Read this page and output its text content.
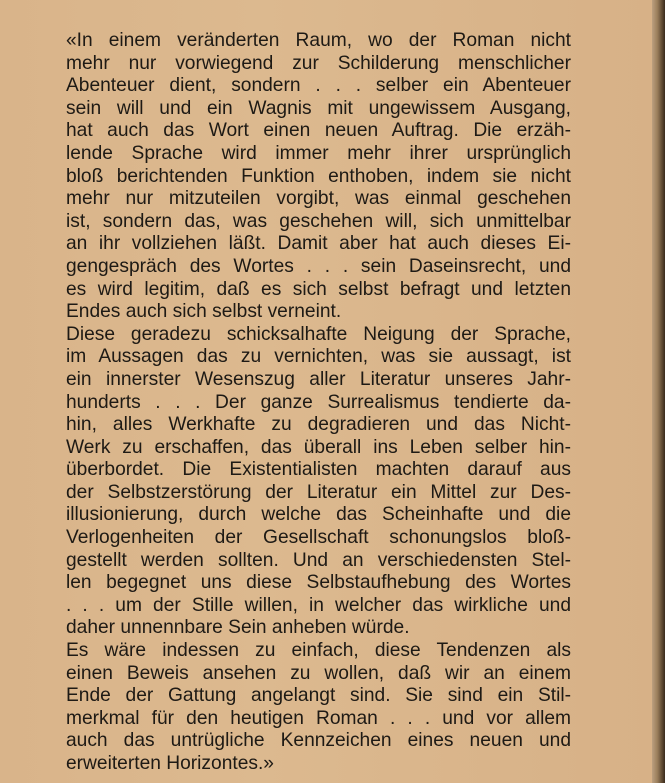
«In einem veränderten Raum, wo der Roman nicht
mehr nur vorwiegend zur Schilderung menschlicher
Abenteuer dient, sondern . . . selber ein Abenteuer
sein will und ein Wagnis mit ungewissem Ausgang,
hat auch das Wort einen neuen Auftrag. Die erzäh-
lende Sprache wird immer mehr ihrer ursprünglich
bloß berichtenden Funktion enthoben, indem sie nicht
mehr nur mitzuteilen vorgibt, was einmal geschehen
ist, sondern das, was geschehen will, sich unmittelbar
an ihr vollziehen läßt. Damit aber hat auch dieses Ei-
gengespräch des Wortes . . . sein Daseinsrecht, und
es wird legitim, daß es sich selbst befragt und letzten
Endes auch sich selbst verneint.
Diese geradezu schicksalhafte Neigung der Sprache,
im Aussagen das zu vernichten, was sie aussagt, ist
ein innerster Wesenszug aller Literatur unseres Jahr-
hunderts . . . Der ganze Surrealismus tendierte da-
hin, alles Werkhafte zu degradieren und das Nicht-
Werk zu erschaffen, das überall ins Leben selber hin-
überbordet. Die Existentialisten machten darauf aus
der Selbstzerstörung der Literatur ein Mittel zur Des-
illusionierung, durch welche das Scheinhafte und die
Verlogenheiten der Gesellschaft schonungslos bloß-
gestellt werden sollten. Und an verschiedensten Stel-
len begegnet uns diese Selbstaufhebung des Wortes
. . . um der Stille willen, in welcher das wirkliche und
daher unnennbare Sein anheben würde.
Es wäre indessen zu einfach, diese Tendenzen als
einen Beweis ansehen zu wollen, daß wir an einem
Ende der Gattung angelangt sind. Sie sind ein Stil-
merkmal für den heutigen Roman . . . und vor allem
auch das untrügliche Kennzeichen eines neuen und
erweiterten Horizontes.»
